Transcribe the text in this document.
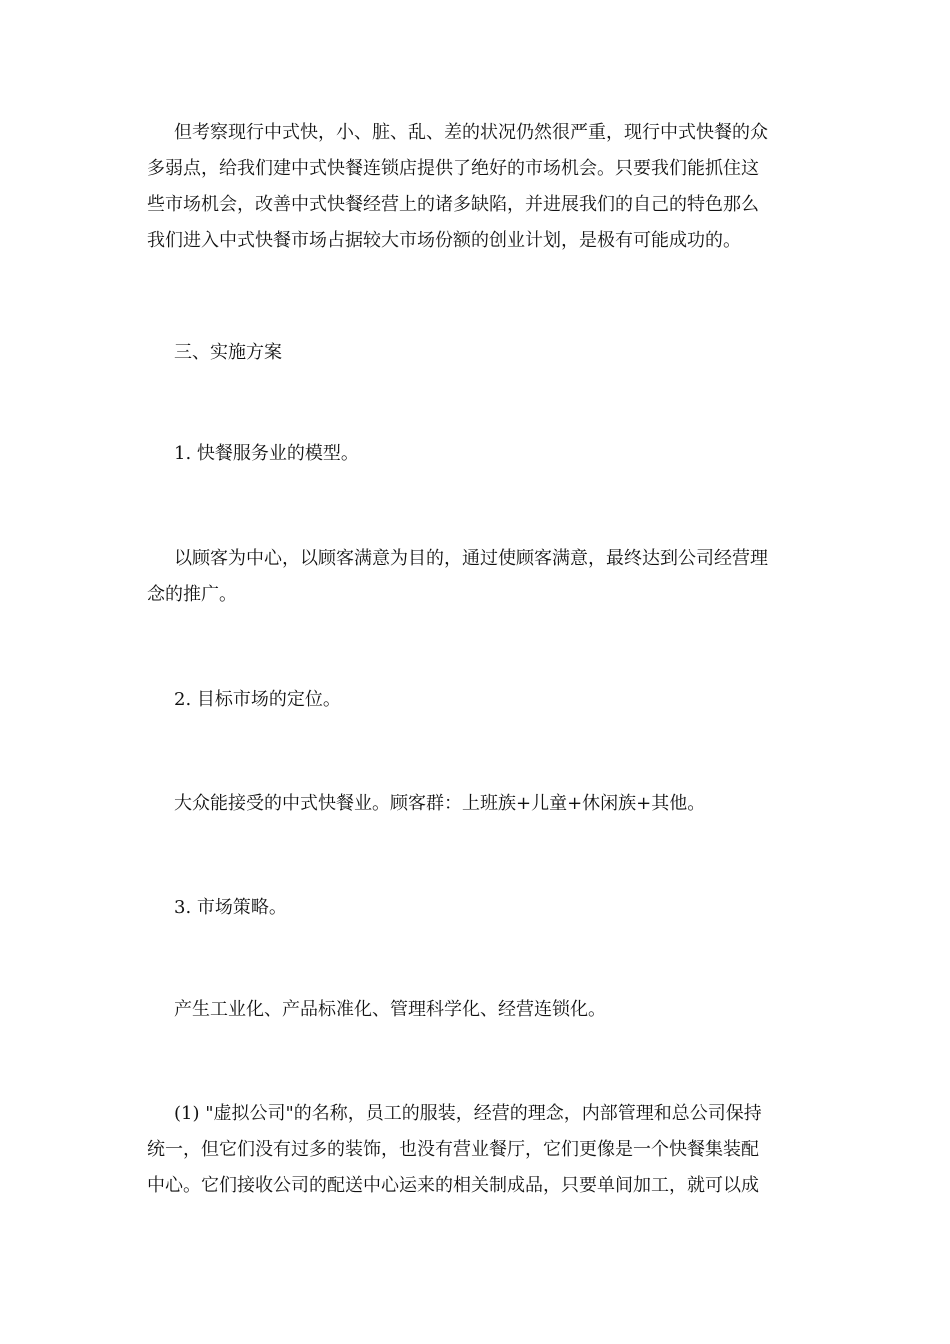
但考察现行中式快，小、脏、乱、差的状况仍然很严重，现行中式快餐的众
多弱点，给我们建中式快餐连锁店提供了绝好的市场机会。只要我们能抓住这
些市场机会，改善中式快餐经营上的诸多缺陷，并进展我们的自己的特色那么
我们进入中式快餐市场占据较大市场份额的创业计划，是极有可能成功的。

三、实施方案

1. 快餐服务业的模型。

以顾客为中心，以顾客满意为目的，通过使顾客满意，最终达到公司经营理
念的推广。

2. 目标市场的定位。

大众能接受的中式快餐业。顾客群：上班族+儿童+休闲族+其他。

3. 市场策略。

产生工业化、产品标准化、管理科学化、经营连锁化。

(1) "虚拟公司"的名称，员工的服装，经营的理念，内部管理和总公司保持
统一，但它们没有过多的装饰，也没有营业餐厅，它们更像是一个快餐集装配
中心。它们接收公司的配送中心运来的相关制成品，只要单间加工，就可以成
